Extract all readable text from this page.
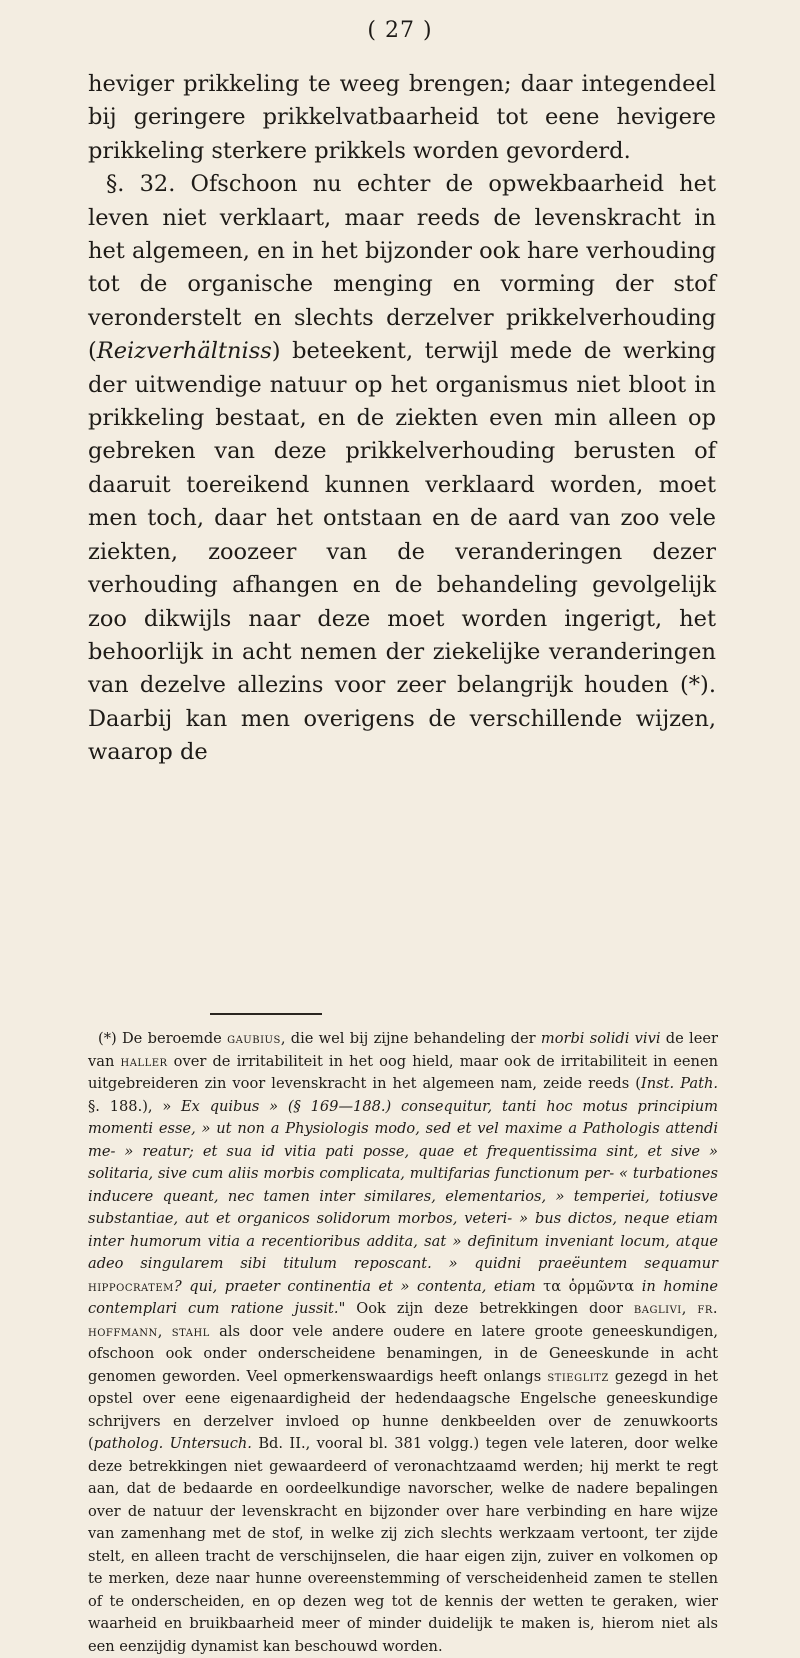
( 27 )

heviger prikkeling te weeg brengen; daar integendeel bij geringere prikkelvatbaarheid tot eene hevigere prikkeling sterkere prikkels worden gevorderd.

§. 32. Ofschoon nu echter de opwekbaarheid het leven niet verklaart, maar reeds de levenskracht in het algemeen, en in het bijzonder ook hare verhouding tot de organische menging en vorming der stof veronderstelt en slechts derzelver prikkelverhouding (Reizverhältniss) beteekent, terwijl mede de werking der uitwendige natuur op het organismus niet bloot in prikkeling bestaat, en de ziekten even min alleen op gebreken van deze prikkelverhouding berusten of daaruit toereikend kunnen verklaard worden, moet men toch, daar het ontstaan en de aard van zoo vele ziekten, zoozeer van de veranderingen dezer verhouding afhangen en de behandeling gevolgelijk zoo dikwijls naar deze moet worden ingerigt, het behoorlijk in acht nemen der ziekelijke veranderingen van dezelve allezins voor zeer belangrijk houden (*). Daarbij kan men overigens de verschillende wijzen, waarop de

(*) De beroemde gaubius, die wel bij zijne behandeling der morbi solidi vivi de leer van haller over de irritabiliteit in het oog hield, maar ook de irritabiliteit in eenen uitgebreideren zin voor levenskracht in het algemeen nam, zeide reeds (Inst. Path. §. 188.), » Ex quibus » (§ 169—188.) consequitur, tanti hoc motus principium momenti esse, » ut non a Physiologis modo, sed et vel maxime a Pathologis attendi me- » reatur; et sua id vitia pati posse, quae et frequentissima sint, et sive » solitaria, sive cum aliis morbis complicata, multifarias functionum per- « turbationes inducere queant, nec tamen inter similares, elementarios, » temperiei, totiusve substantiae, aut et organicos solidorum morbos, veteri- » bus dictos, neque etiam inter humorum vitia a recentioribus addita, sat » definitum inveniant locum, atque adeo singularem sibi titulum reposcant. » quidni praeëuntem sequamur hippocratem? qui, praeter continentia et » contenta, etiam τα ὁρμῶντα in homine contemplari cum ratione jussit." Ook zijn deze betrekkingen door baglivi, fr. hoffmann, stahl als door vele andere oudere en latere groote geneeskundigen, ofschoon ook onder onderscheidene benamingen, in de Geneeskunde in acht genomen geworden. Veel opmerkenswaardigs heeft onlangs stieglitz gezegd in het opstel over eene eigenaardigheid der hedendaagsche Engelsche geneeskundige schrijvers en derzelver invloed op hunne denkbeelden over de zenuwkoorts (patholog. Untersuch. Bd. II., vooral bl. 381 volgg.) tegen vele lateren, door welke deze betrekkingen niet gewaardeerd of veronachtzaamd werden; hij merkt te regt aan, dat de bedaarde en oordeelkundige navorscher, welke de nadere bepalingen over de natuur der levenskracht en bijzonder over hare verbinding en hare wijze van zamenhang met de stof, in welke zij zich slechts werkzaam vertoont, ter zijde stelt, en alleen tracht de verschijnselen, die haar eigen zijn, zuiver en volkomen op te merken, deze naar hunne overeenstemming of verscheidenheid zamen te stellen of te onderscheiden, en op dezen weg tot de kennis der wetten te geraken, wier waarheid en bruikbaarheid meer of minder duidelijk te maken is, hierom niet als een eenzijdig dynamist kan beschouwd worden.
